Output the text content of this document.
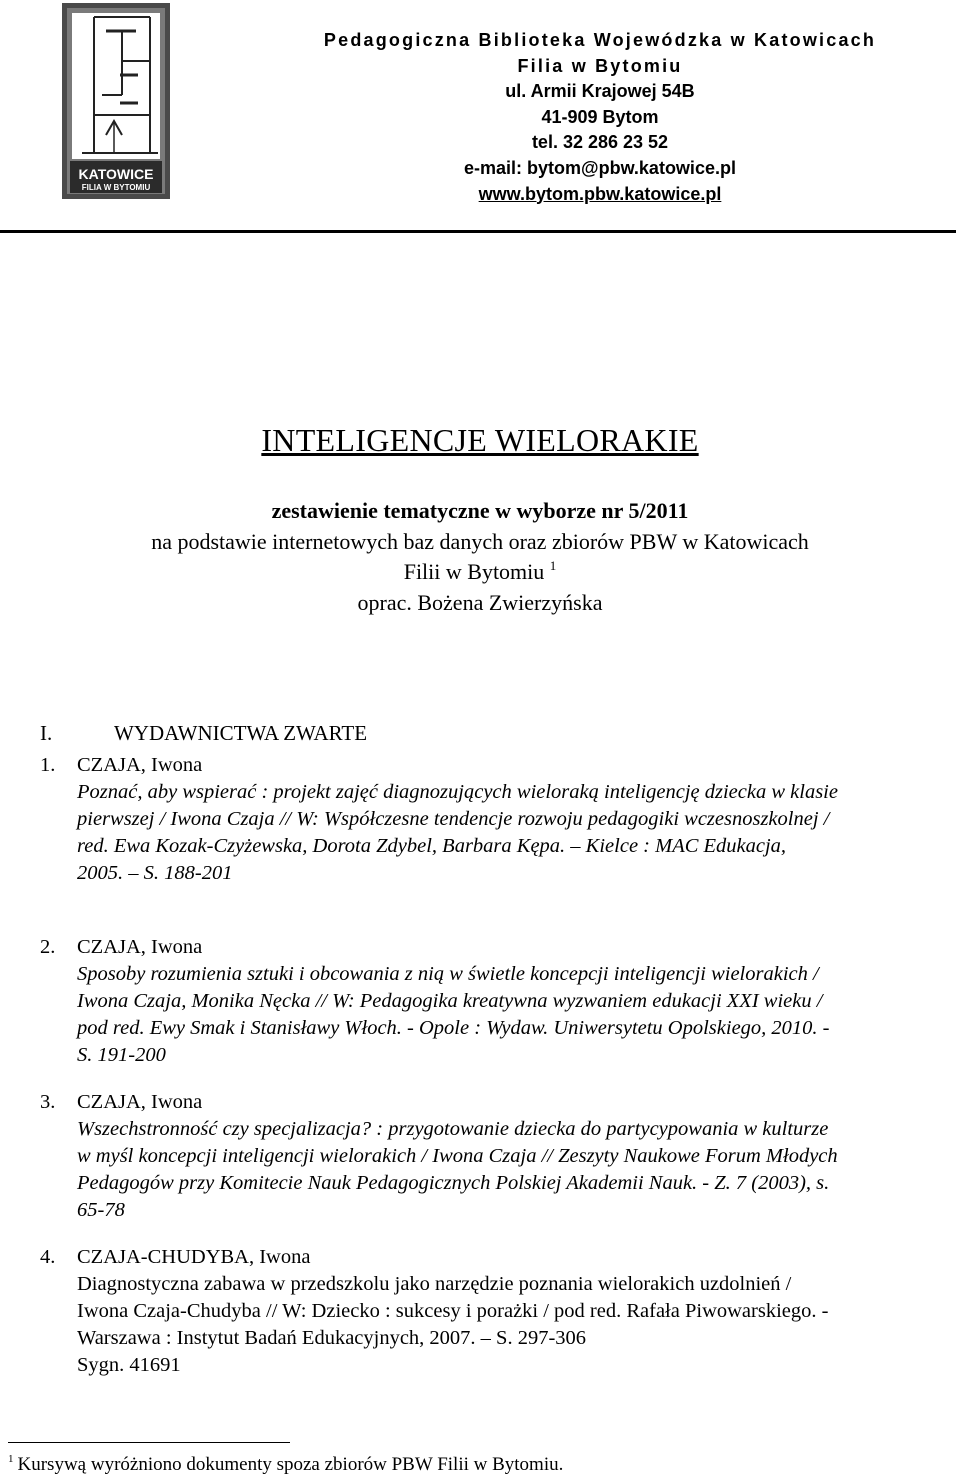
KATOWICE
FILIA W BYTOMIU
Pedagogiczna Biblioteka Wojewódzka w Katowicach
Filia w Bytomiu
ul. Armii Krajowej 54B
41-909 Bytom
tel. 32 286 23 52
e-mail: bytom@pbw.katowice.pl
www.bytom.pbw.katowice.pl
INTELIGENCJE WIELORAKIE
zestawienie tematyczne w wyborze nr 5/2011
na podstawie internetowych baz danych oraz zbiorów PBW w Katowicach
Filii w Bytomiu $^1$
oprac. Bożena Zwierzyńska
I.	WYDAWNICTWA ZWARTE
1. CZAJA, Iwona
Poznać, aby wspierać : projekt zajęć diagnozujących wieloraką inteligencję dziecka w klasie
pierwszej / Iwona Czaja // W: Współczesne tendencje rozwoju pedagogiki wczesnoszkolnej /
red. Ewa Kozak-Czyżewska, Dorota Zdybel, Barbara Kępa. – Kielce : MAC Edukacja,
2005. – S. 188-201
2. CZAJA, Iwona
Sposoby rozumienia sztuki i obcowania z nią w świetle koncepcji inteligencji wielorakich /
Iwona Czaja, Monika Nęcka // W: Pedagogika kreatywna wyzwaniem edukacji XXI wieku /
pod red. Ewy Smak i Stanisławy Włoch. - Opole : Wydaw. Uniwersytetu Opolskiego, 2010. -
S. 191-200
3. CZAJA, Iwona
Wszechstronność czy specjalizacja? : przygotowanie dziecka do partycypowania w kulturze
w myśl koncepcji inteligencji wielorakich / Iwona Czaja // Zeszyty Naukowe Forum Młodych
Pedagogów przy Komitecie Nauk Pedagogicznych Polskiej Akademii Nauk. - Z. 7 (2003), s.
65-78
4. CZAJA-CHUDYBA, Iwona
Diagnostyczna zabawa w przedszkolu jako narzędzie poznania wielorakich uzdolnień /
Iwona Czaja-Chudyba // W: Dziecko : sukcesy i porażki / pod red. Rafała Piwowarskiego. -
Warszawa : Instytut Badań Edukacyjnych, 2007. – S. 297-306
Sygn. 41691
$^1$ Kursywą wyróżniono dokumenty spoza zbiorów PBW Filii w Bytomiu.
